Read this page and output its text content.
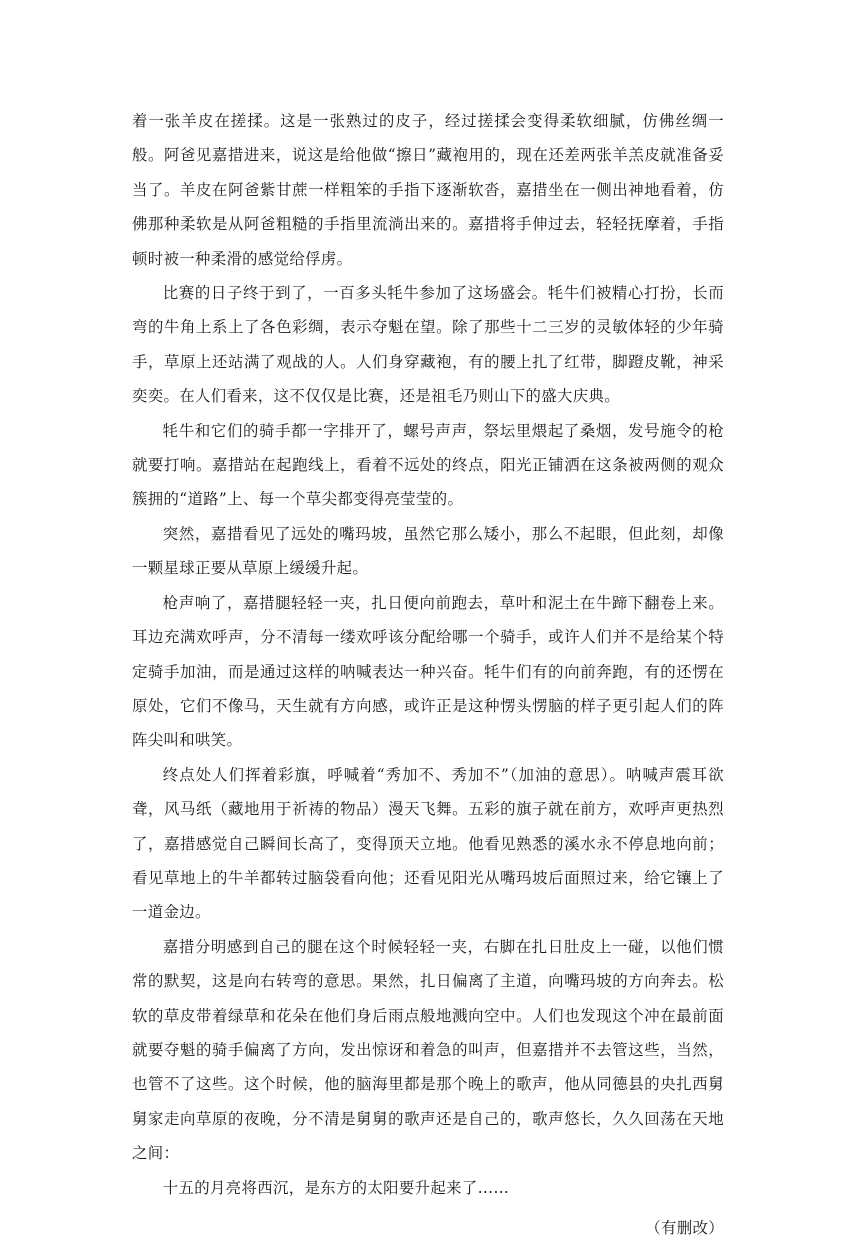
着一张羊皮在搓揉。这是一张熟过的皮子，经过搓揉会变得柔软细腻，仿佛丝绸一般。阿爸见嘉措进来，说这是给他做“擦日”藏袍用的，现在还差两张羊羔皮就准备妥当了。羊皮在阿爸紫甘蔗一样粗笨的手指下逐渐软沓，嘉措坐在一侧出神地看着，仿佛那种柔软是从阿爸粗糙的手指里流淌出来的。嘉措将手伸过去，轻轻抚摩着，手指顿时被一种柔滑的感觉给俘虏。

比赛的日子终于到了，一百多头牦牛参加了这场盛会。牦牛们被精心打扮，长而弯的牛角上系上了各色彩绸，表示夺魁在望。除了那些十二三岁的灵敏体轻的少年骑手，草原上还站满了观战的人。人们身穿藏袍，有的腰上扎了红带，脚蹬皮靴，神采奕奕。在人们看来，这不仅仅是比赛，还是祖毛乃则山下的盛大庆典。

牦牛和它们的骑手都一字排开了，螺号声声，祭坛里煨起了桑烟，发号施令的枪就要打响。嘉措站在起跑线上，看着不远处的终点，阳光正铺洒在这条被两侧的观众簇拥的“道路”上、每一个草尖都变得亮莹莹的。

突然，嘉措看见了远处的嘴玛坡，虽然它那么矮小，那么不起眼，但此刻，却像一颗星球正要从草原上缓缓升起。

枪声响了，嘉措腿轻轻一夹，扎日便向前跑去，草叶和泥土在牛蹄下翻卷上来。耳边充满欢呼声，分不清每一缕欢呼该分配给哪一个骑手，或许人们并不是给某个特定骑手加油，而是通过这样的呐喊表达一种兴奋。牦牛们有的向前奔跑，有的还愣在原处，它们不像马，天生就有方向感，或许正是这种愣头愣脑的样子更引起人们的阵阵尖叫和哄笑。

终点处人们挥着彩旗，呼喊着“秀加不、秀加不”（加油的意思）。呐喊声震耳欲聋，风马纸（藏地用于祈祷的物品）漫天飞舞。五彩的旗子就在前方，欢呼声更热烈了，嘉措感觉自己瞬间长高了，变得顶天立地。他看见熟悉的溪水永不停息地向前；看见草地上的牛羊都转过脑袋看向他；还看见阳光从嘴玛坡后面照过来，给它镶上了一道金边。

嘉措分明感到自己的腿在这个时候轻轻一夹，右脚在扎日肚皮上一碰，以他们惯常的默契，这是向右转弯的意思。果然，扎日偏离了主道，向嘴玛坡的方向奔去。松软的草皮带着绿草和花朵在他们身后雨点般地溅向空中。人们也发现这个冲在最前面就要夺魁的骑手偏离了方向，发出惊讶和着急的叫声，但嘉措并不去管这些，当然，也管不了这些。这个时候，他的脑海里都是那个晚上的歌声，他从同德县的央扎西舅舅家走向草原的夜晚，分不清是舅舅的歌声还是自己的，歌声悠长，久久回荡在天地之间：

十五的月亮将西沉，是东方的太阳要升起来了……

（有删改）
